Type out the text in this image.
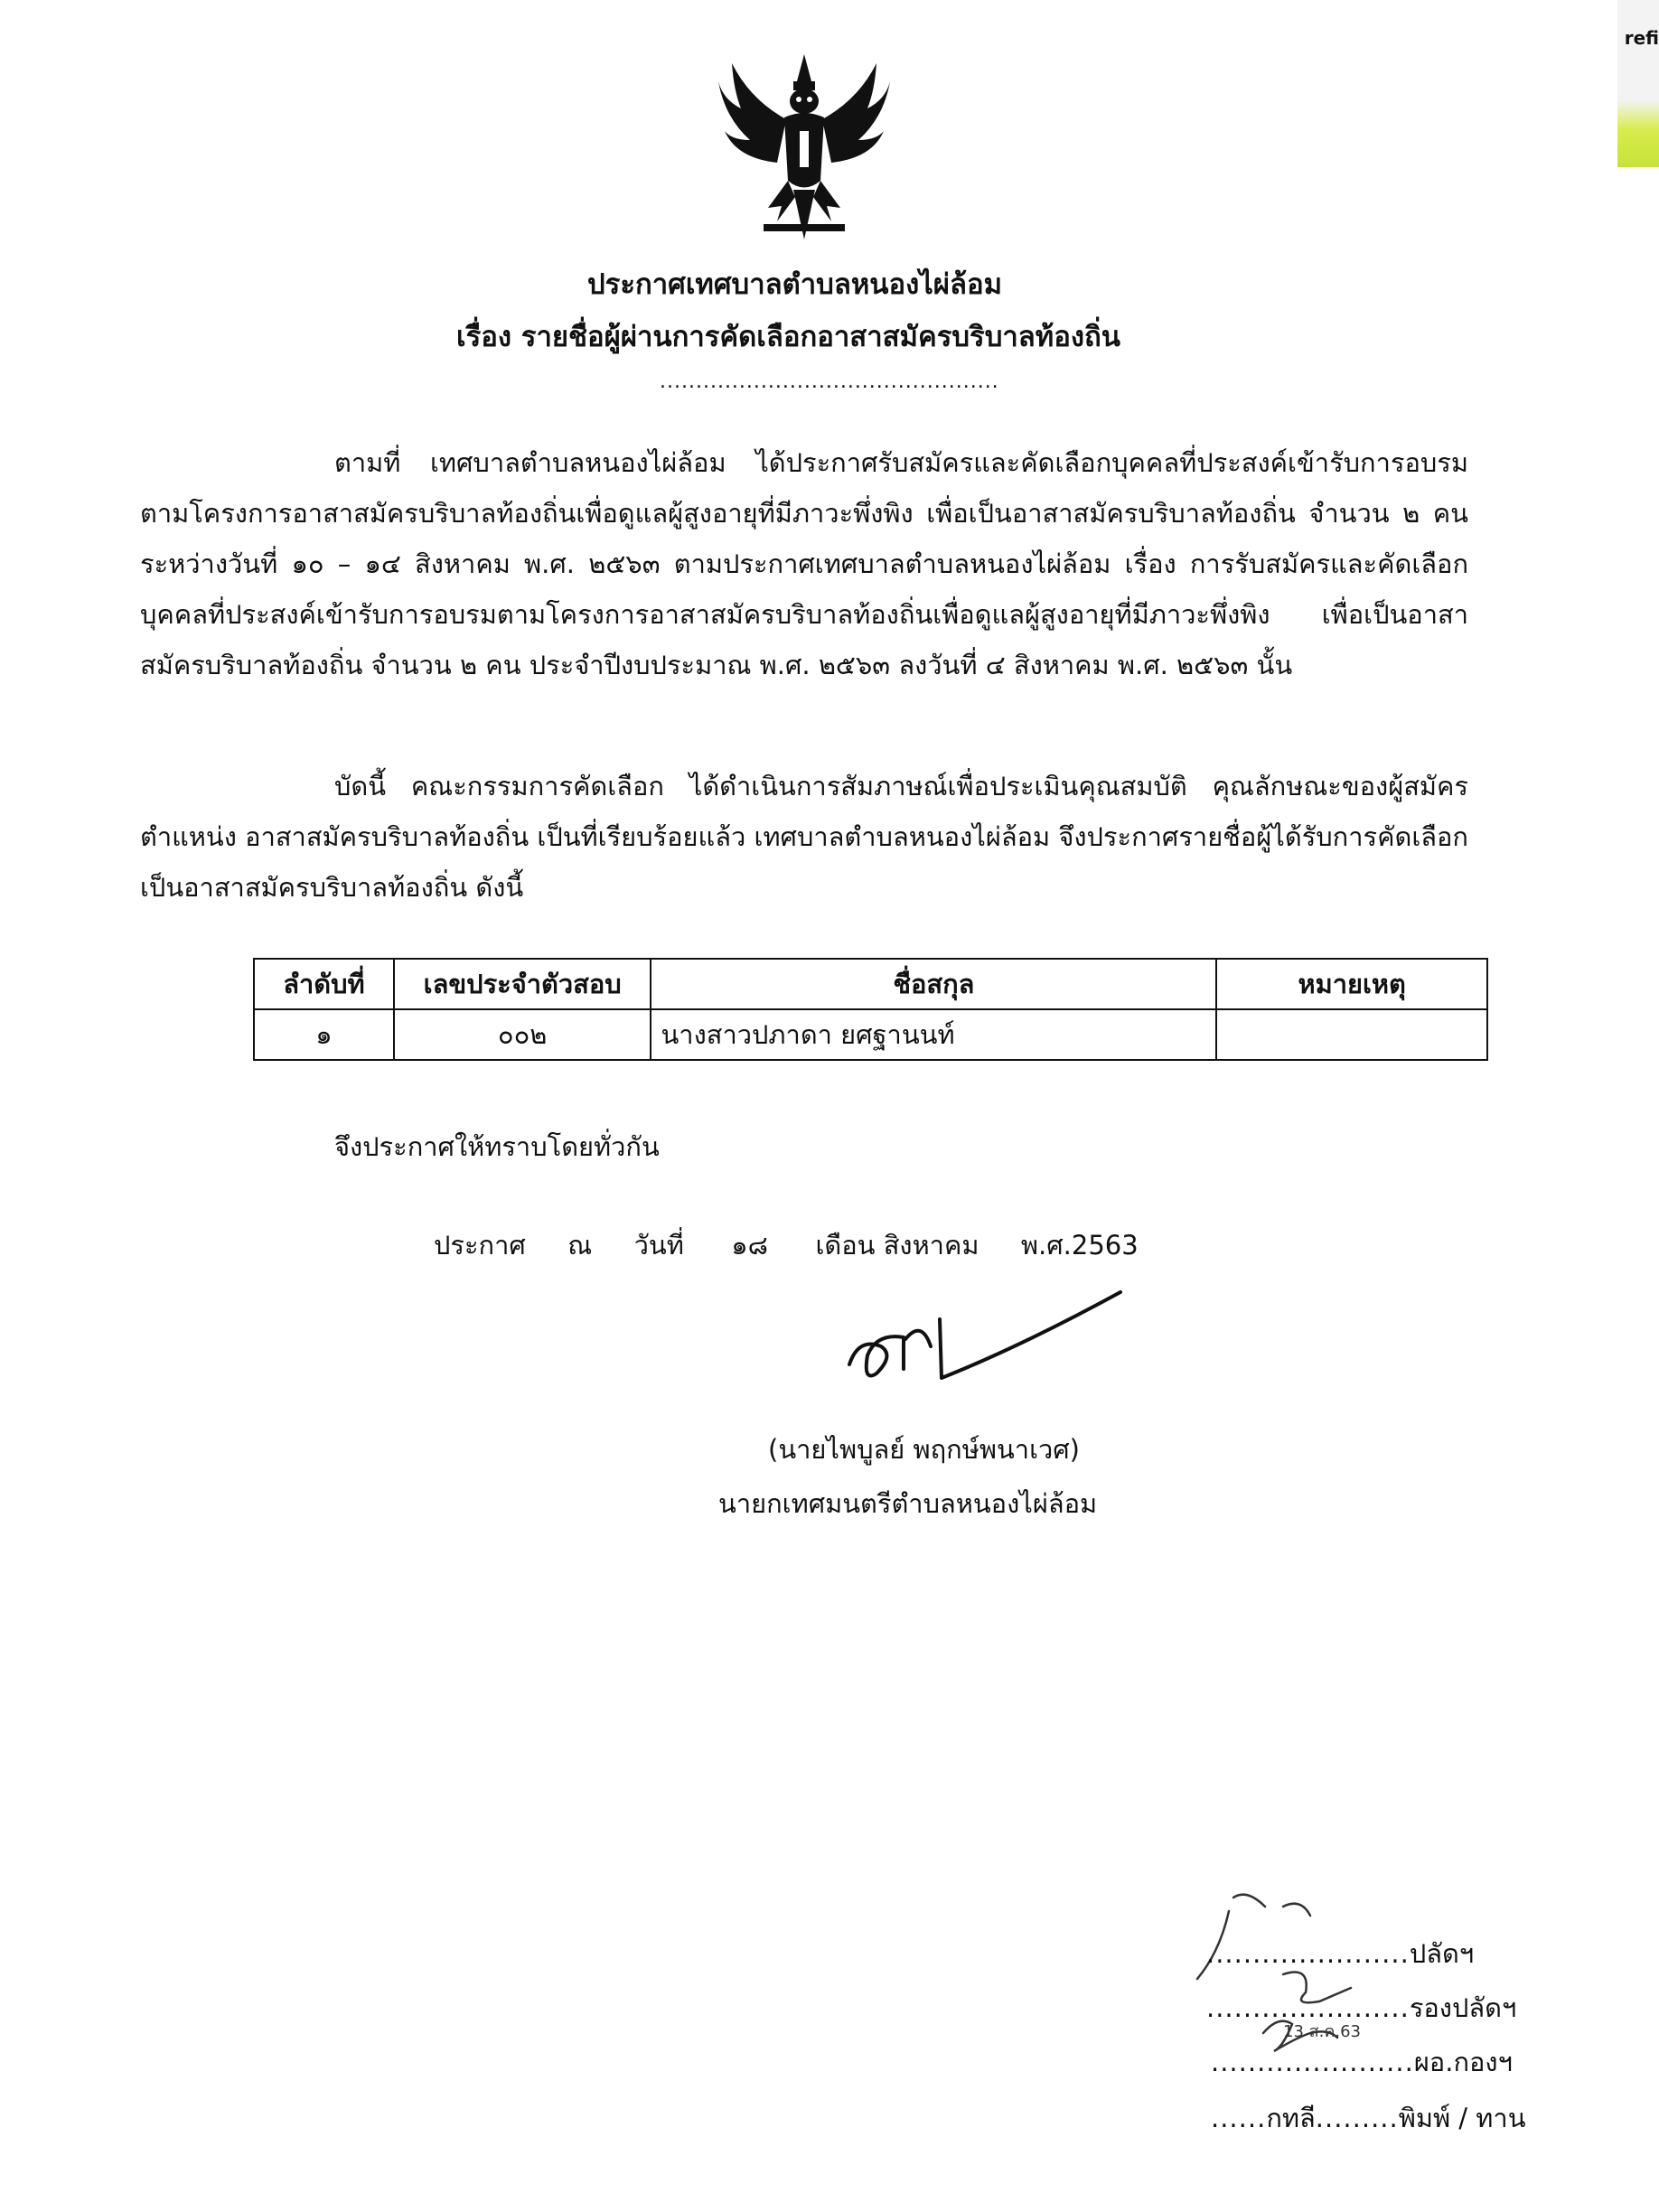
refi
ประกาศเทศบาลตำบลหนองไผ่ล้อม
เรื่อง รายชื่อผู้ผ่านการคัดเลือกอาสาสมัครบริบาลท้องถิ่น
...............................................
ตามที่ เทศบาลตำบลหนองไผ่ล้อม ได้ประกาศรับสมัครและคัดเลือกบุคคลที่ประสงค์เข้ารับการอบรมตามโครงการอาสาสมัครบริบาลท้องถิ่นเพื่อดูแลผู้สูงอายุที่มีภาวะพึ่งพิง เพื่อเป็นอาสาสมัครบริบาลท้องถิ่น จำนวน ๒ คน ระหว่างวันที่ ๑๐ – ๑๔ สิงหาคม พ.ศ. ๒๕๖๓ ตามประกาศเทศบาลตำบลหนองไผ่ล้อม เรื่อง การรับสมัครและคัดเลือกบุคคลที่ประสงค์เข้ารับการอบรมตามโครงการอาสาสมัครบริบาลท้องถิ่นเพื่อดูแลผู้สูงอายุที่มีภาวะพึ่งพิง เพื่อเป็นอาสาสมัครบริบาลท้องถิ่น จำนวน ๒ คน ประจำปีงบประมาณ พ.ศ. ๒๕๖๓ ลงวันที่ ๔ สิงหาคม พ.ศ. ๒๕๖๓ นั้น
บัดนี้ คณะกรรมการคัดเลือก ได้ดำเนินการสัมภาษณ์เพื่อประเมินคุณสมบัติ คุณลักษณะของผู้สมัครตำแหน่ง อาสาสมัครบริบาลท้องถิ่น เป็นที่เรียบร้อยแล้ว เทศบาลตำบลหนองไผ่ล้อม จึงประกาศรายชื่อผู้ได้รับการคัดเลือกเป็นอาสาสมัครบริบาลท้องถิ่น ดังนี้
ลำดับที่	เลขประจำตัวสอบ	ชื่อสกุล	หมายเหตุ
๑	๐๐๒	นางสาวปภาดา ยศฐานนท์	
จึงประกาศให้ทราบโดยทั่วกัน
ประกาศ ณ วันที่ ๑๘ เดือน สิงหาคม พ.ศ.2563
(นายไพบูลย์ พฤกษ์พนาเวศ)
นายกเทศมนตรีตำบลหนองไผ่ล้อม
13 ส.ค.63
......................ปลัดฯ
......................รองปลัดฯ
......................ผอ.กองฯ
......กทลี.........พิมพ์ / ทาน
